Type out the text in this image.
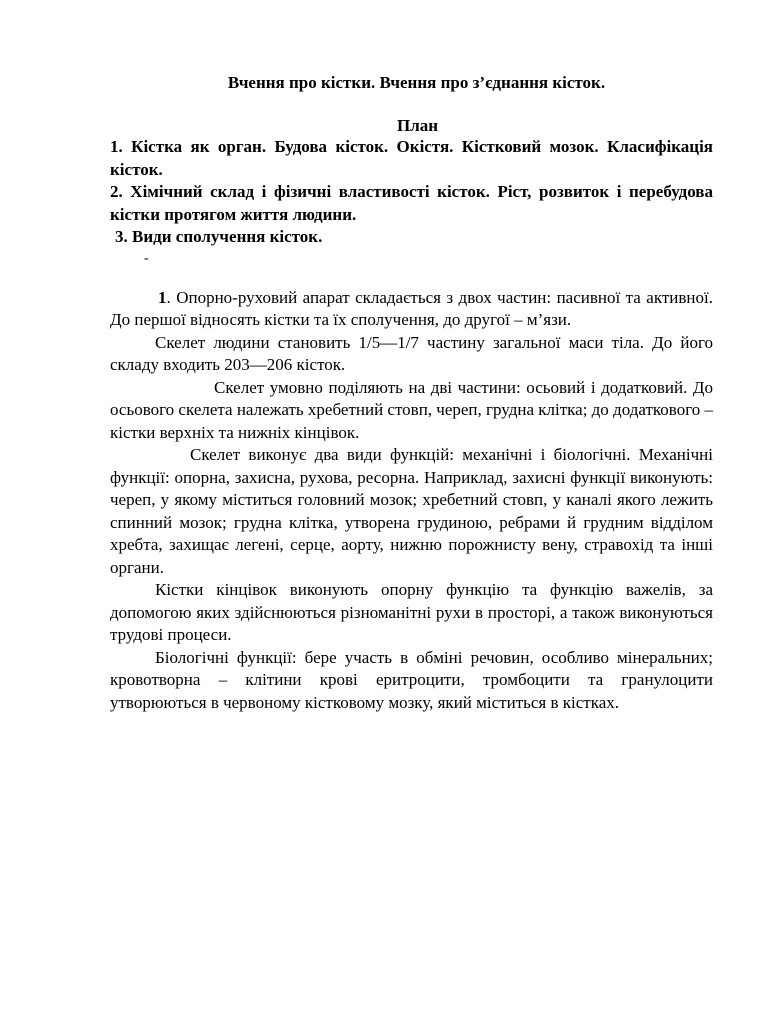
Вчення про кістки. Вчення про з’єднання кісток.

План

1. Кістка як орган. Будова кісток. Окістя. Кістковий мозок. Класифікація кісток.

2. Хімічний склад і фізичні властивості кісток. Ріст, розвиток і перебудова кістки протягом життя людини.

3. Види сполучення кісток.

-

1. Опорно-руховий апарат складається з двох частин: пасивної та активної. До першої відносять кістки та їх сполучення, до другої – м’язи.

Скелет людини становить 1/5—1/7 частину загальної маси тіла. До його складу входить 203—206 кісток.

Скелет умовно поділяють на дві частини: осьовий і додатковий. До осьового скелета належать хребетний стовп, череп, грудна клітка; до додаткового – кістки верхніх та нижніх кінцівок.

Скелет виконує два види функцій: механічні і біологічні. Механічні функції: опорна, захисна, рухова, ресорна. Наприклад, захисні функції виконують: череп, у якому міститься головний мозок; хребетний стовп, у каналі якого лежить спинний мозок; грудна клітка, утворена грудиною, ребрами й грудним відділом хребта, захищає легені, серце, аорту, нижню порожнисту вену, стравохід та інші органи.

Кістки кінцівок виконують опорну функцію та функцію важелів, за допомогою яких здійснюються різноманітні рухи в просторі, а також виконуються трудові процеси.

Біологічні функції: бере участь в обміні речовин, особливо мінеральних; кровотворна – клітини крові еритроцити, тромбоцити та гранулоцити утворюються в червоному кістковому мозку, який міститься в кістках.
